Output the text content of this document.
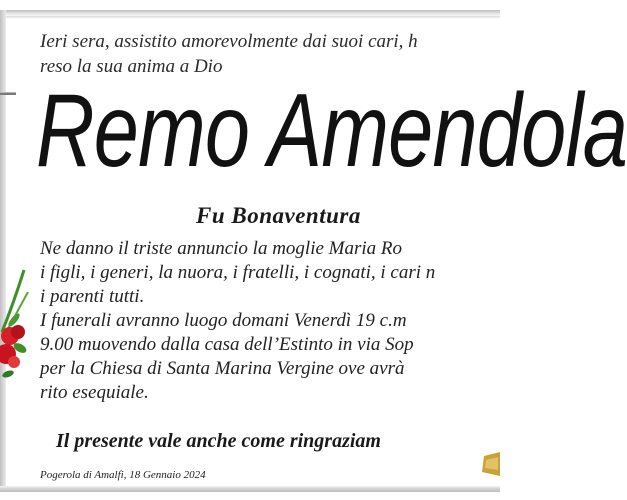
Ieri sera, assistito amorevolmente dai suoi cari, h
reso la sua anima a Dio
Remo Amendola
Fu Bonaventura
Ne danno il triste annuncio la moglie Maria Ro
i figli, i generi, la nuora, i fratelli, i cognati, i cari n
i parenti tutti.
I funerali avranno luogo domani Venerdì 19 c.m
9.00 muovendo dalla casa dell’Estinto in via Sop
per la Chiesa di Santa Marina Vergine ove avrà
rito esequiale.
Il presente vale anche come ringraziam
Pogerola di Amalfi, 18 Gennaio 2024
